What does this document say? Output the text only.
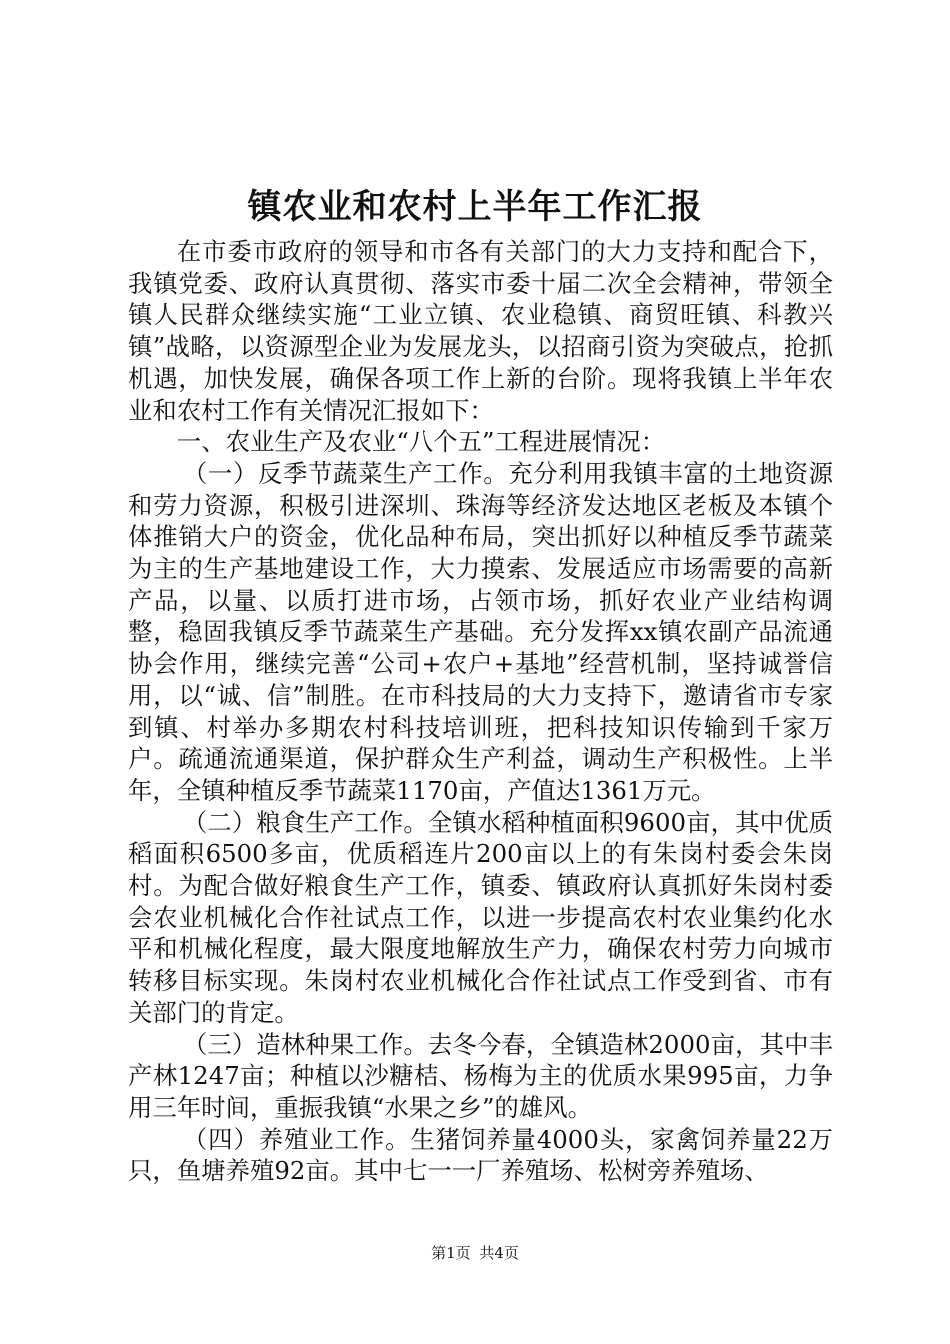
镇农业和农村上半年工作汇报

在市委市政府的领导和市各有关部门的大力支持和配合下，我镇党委、政府认真贯彻、落实市委十届二次全会精神，带领全镇人民群众继续实施“工业立镇、农业稳镇、商贸旺镇、科教兴镇”战略，以资源型企业为发展龙头，以招商引资为突破点，抢抓机遇，加快发展，确保各项工作上新的台阶。现将我镇上半年农业和农村工作有关情况汇报如下：

一、农业生产及农业“八个五”工程进展情况：

（一）反季节蔬菜生产工作。充分利用我镇丰富的土地资源和劳力资源，积极引进深圳、珠海等经济发达地区老板及本镇个体推销大户的资金，优化品种布局，突出抓好以种植反季节蔬菜为主的生产基地建设工作，大力摸索、发展适应市场需要的高新产品，以量、以质打进市场，占领市场，抓好农业产业结构调整，稳固我镇反季节蔬菜生产基础。充分发挥xx镇农副产品流通协会作用，继续完善“公司+农户+基地”经营机制，坚持诚誉信用，以“诚、信”制胜。在市科技局的大力支持下，邀请省市专家到镇、村举办多期农村科技培训班，把科技知识传输到千家万户。疏通流通渠道，保护群众生产利益，调动生产积极性。上半年，全镇种植反季节蔬菜1170亩，产值达1361万元。

（二）粮食生产工作。全镇水稻种植面积9600亩，其中优质稻面积6500多亩，优质稻连片200亩以上的有朱岗村委会朱岗村。为配合做好粮食生产工作，镇委、镇政府认真抓好朱岗村委会农业机械化合作社试点工作，以进一步提高农村农业集约化水平和机械化程度，最大限度地解放生产力，确保农村劳力向城市转移目标实现。朱岗村农业机械化合作社试点工作受到省、市有关部门的肯定。

（三）造林种果工作。去冬今春，全镇造林2000亩，其中丰产林1247亩；种植以沙糖桔、杨梅为主的优质水果995亩，力争用三年时间，重振我镇“水果之乡”的雄风。

（四）养殖业工作。生猪饲养量4000头，家禽饲养量22万只，鱼塘养殖92亩。其中七一一厂养殖场、松树旁养殖场、

第1页 共4页
